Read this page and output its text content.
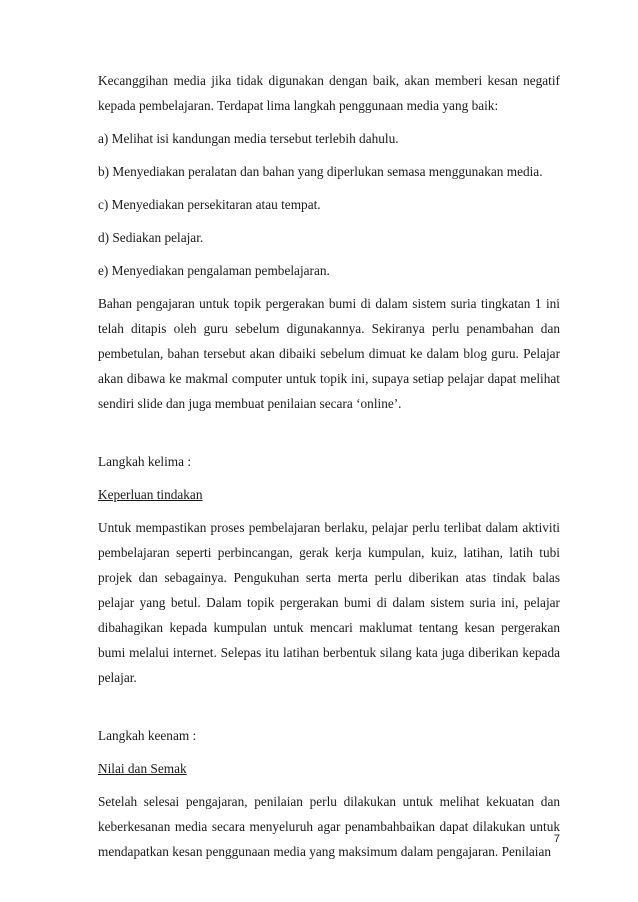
Kecanggihan media jika tidak digunakan dengan baik, akan memberi kesan negatif kepada pembelajaran. Terdapat lima langkah penggunaan media yang baik:

a) Melihat isi kandungan media tersebut terlebih dahulu.

b) Menyediakan peralatan dan bahan yang diperlukan semasa menggunakan media.

c) Menyediakan persekitaran atau tempat.

d) Sediakan pelajar.

e) Menyediakan pengalaman pembelajaran.

Bahan pengajaran untuk topik pergerakan bumi di dalam sistem suria tingkatan 1 ini telah ditapis oleh guru sebelum digunakannya. Sekiranya perlu penambahan dan pembetulan, bahan tersebut akan dibaiki sebelum dimuat ke dalam blog guru. Pelajar akan dibawa ke makmal computer untuk topik ini, supaya setiap pelajar dapat melihat sendiri slide dan juga membuat penilaian secara ‘online’.

Langkah kelima :

Keperluan tindakan

Untuk mempastikan proses pembelajaran berlaku, pelajar perlu terlibat dalam aktiviti pembelajaran seperti perbincangan, gerak kerja kumpulan, kuiz, latihan, latih tubi projek dan sebagainya. Pengukuhan serta merta perlu diberikan atas tindak balas pelajar yang betul. Dalam topik pergerakan bumi di dalam sistem suria ini, pelajar dibahagikan kepada kumpulan untuk mencari maklumat tentang kesan pergerakan bumi melalui internet. Selepas itu latihan berbentuk silang kata juga diberikan kepada pelajar.

Langkah keenam :

Nilai dan Semak

Setelah selesai pengajaran, penilaian perlu dilakukan untuk melihat kekuatan dan keberkesanan media secara menyeluruh agar penambahbaikan dapat dilakukan untuk mendapatkan kesan penggunaan media yang maksimum dalam pengajaran. Penilaian

7
